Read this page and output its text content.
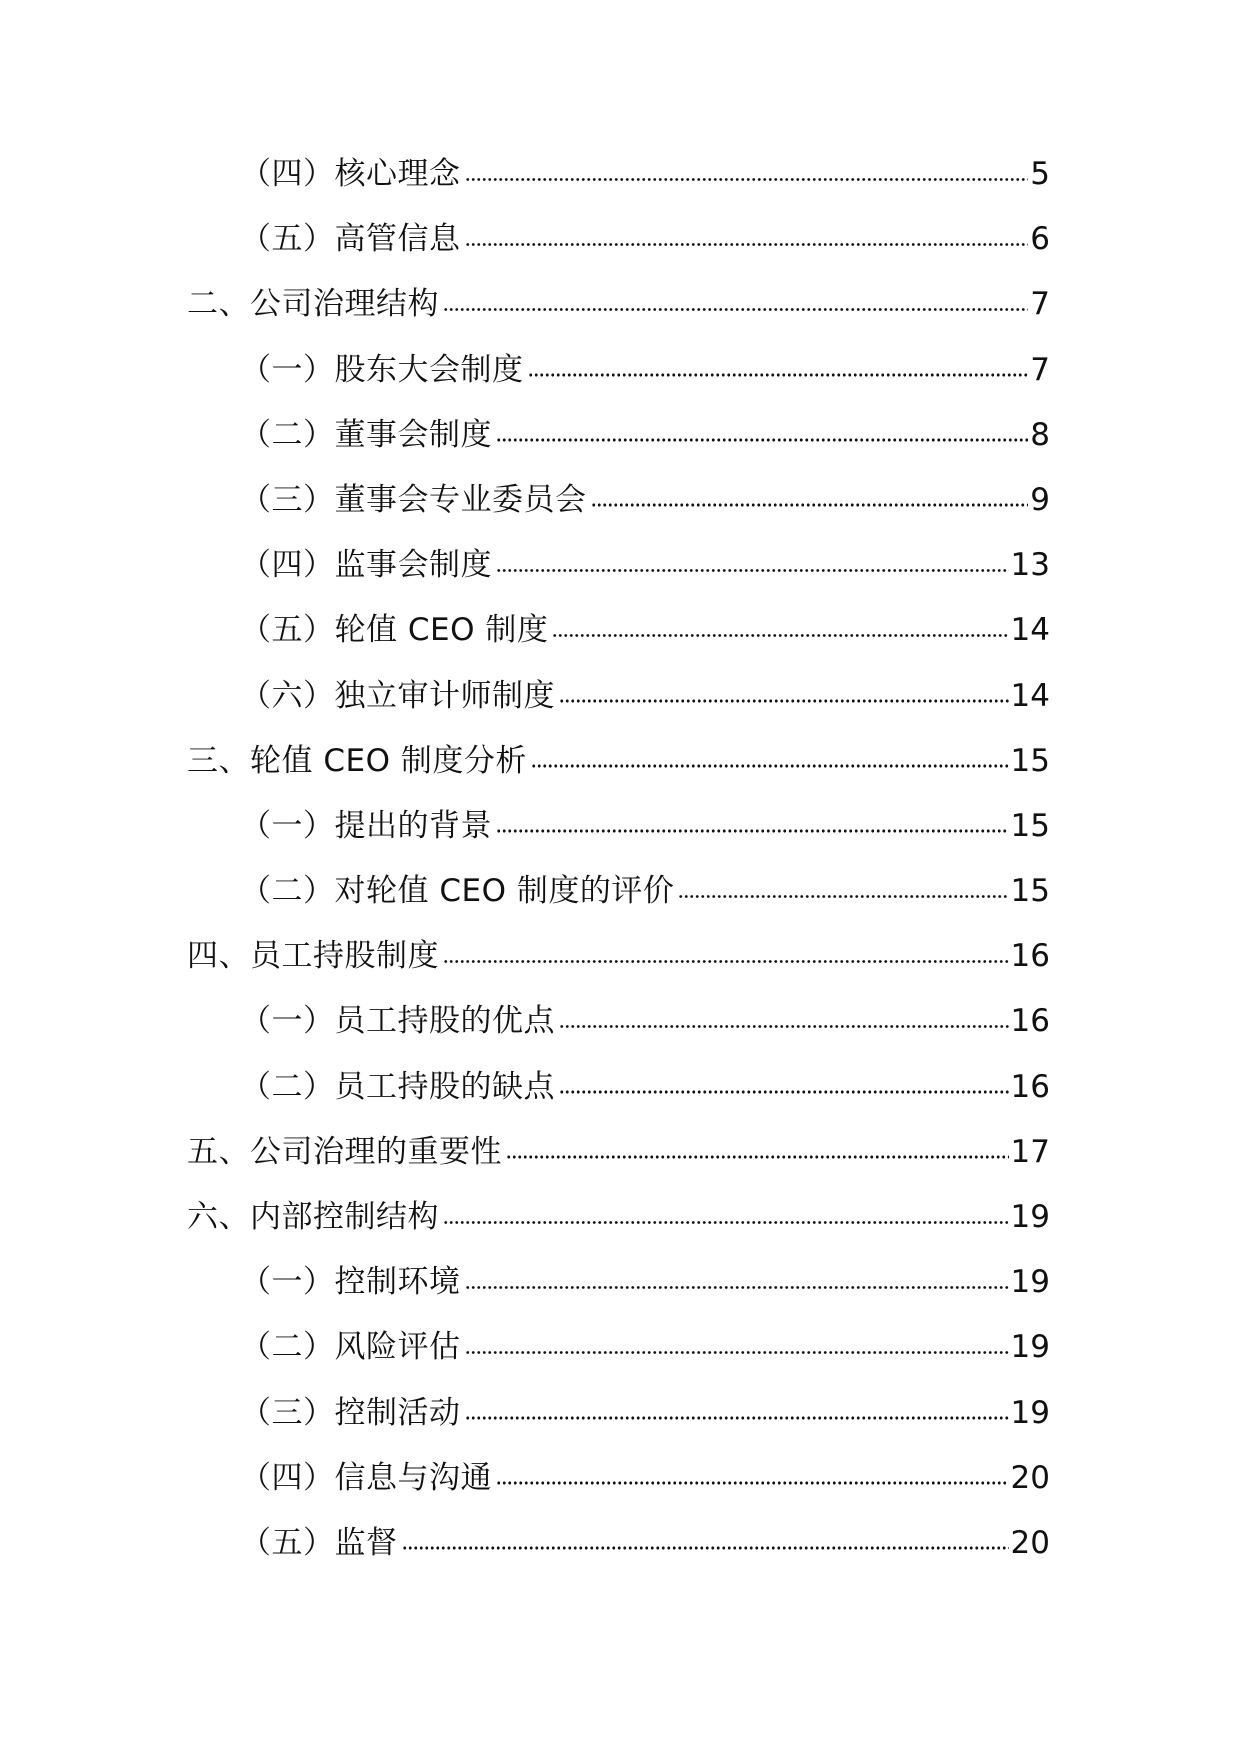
（四）核心理念	5
（五）高管信息	6
二、公司治理结构	7
（一）股东大会制度	7
（二）董事会制度	8
（三）董事会专业委员会	9
（四）监事会制度	13
（五）轮值 CEO 制度	14
（六）独立审计师制度	14
三、轮值 CEO 制度分析	15
（一）提出的背景	15
（二）对轮值 CEO 制度的评价	15
四、员工持股制度	16
（一）员工持股的优点	16
（二）员工持股的缺点	16
五、公司治理的重要性	17
六、内部控制结构	19
（一）控制环境	19
（二）风险评估	19
（三）控制活动	19
（四）信息与沟通	20
（五）监督	20
